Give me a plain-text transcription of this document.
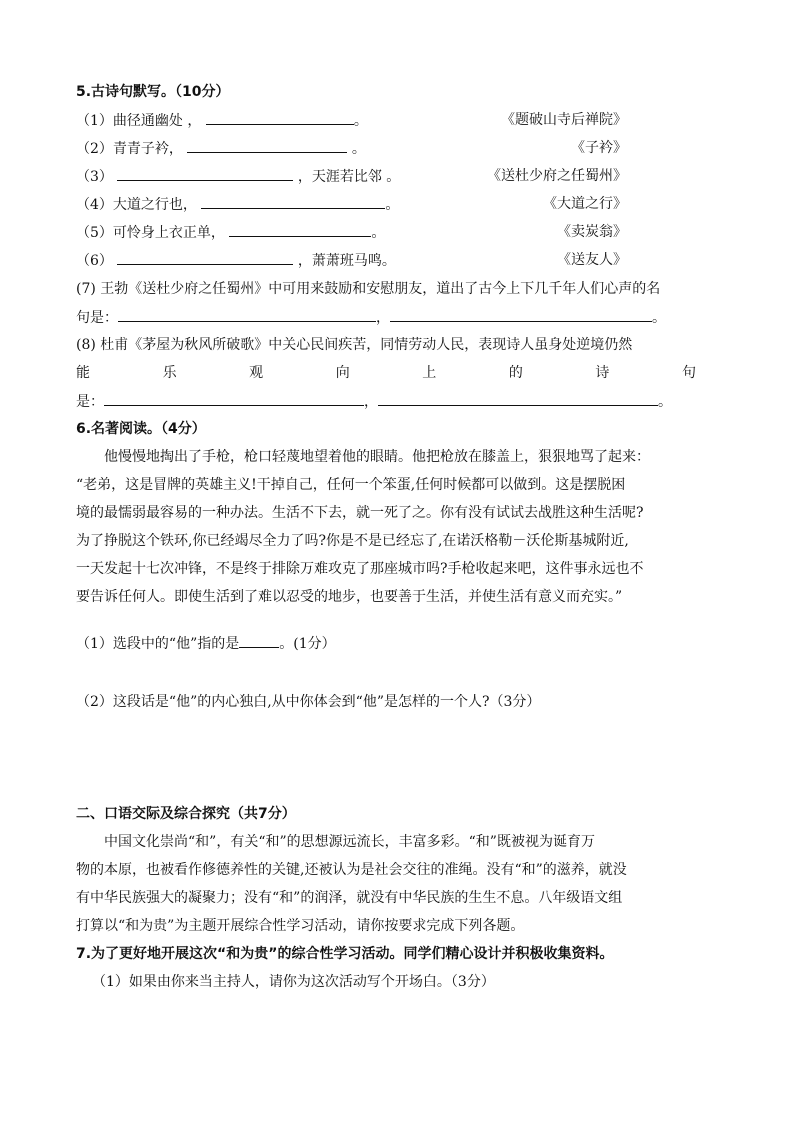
5.古诗句默写。（10分）
（1）曲径通幽处 ，	。	《题破山寺后禅院》
（2）青青子衿，	。	《子衿》
（3）	，天涯若比邻 。	《送杜少府之任蜀州》
（4）大道之行也，	。	《大道之行》
（5）可怜身上衣正单，	。	《卖炭翁》
（6）	，萧萧班马鸣。	《送友人》
(7) 王勃《送杜少府之任蜀州》中可用来鼓励和安慰朋友，道出了古今上下几千年人们心声的名
句是：	，	。
(8) 杜甫《茅屋为秋风所破歌》中关心民间疾苦，同情劳动人民，表现诗人虽身处逆境仍然
能	乐	观	向	上	的	诗	句
是：	，	。
6.名著阅读。（4分）
他慢慢地掏出了手枪，枪口轻蔑地望着他的眼睛。他把枪放在膝盖上，狠狠地骂了起来：
“老弟，这是冒牌的英雄主义!干掉自己，任何一个笨蛋,任何时候都可以做到。这是摆脱困
境的最懦弱最容易的一种办法。生活不下去，就一死了之。你有没有试试去战胜这种生活呢?
为了挣脱这个铁环,你已经竭尽全力了吗?你是不是已经忘了,在诺沃格勒－沃伦斯基城附近,
一天发起十七次冲锋，不是终于排除万难攻克了那座城市吗?手枪收起来吧，这件事永远也不
要告诉任何人。即使生活到了难以忍受的地步，也要善于生活，并使生活有意义而充实。”
（1）选段中的“他”指的是	。(1分）
（2）这段话是“他”的内心独白,从中你体会到“他”是怎样的一个人?（3分）
二、口语交际及综合探究（共7分）
中国文化崇尚“和”，有关“和”的思想源远流长，丰富多彩。“和”既被视为诞育万
物的本原，也被看作修德养性的关键,还被认为是社会交往的准绳。没有“和”的滋养，就没
有中华民族强大的凝聚力；没有“和”的润泽，就没有中华民族的生生不息。八年级语文组
打算以“和为贵”为主题开展综合性学习活动，请你按要求完成下列各题。
7.为了更好地开展这次“和为贵”的综合性学习活动。同学们精心设计并积极收集资料。
（1）如果由你来当主持人，请你为这次活动写个开场白。（3分）
